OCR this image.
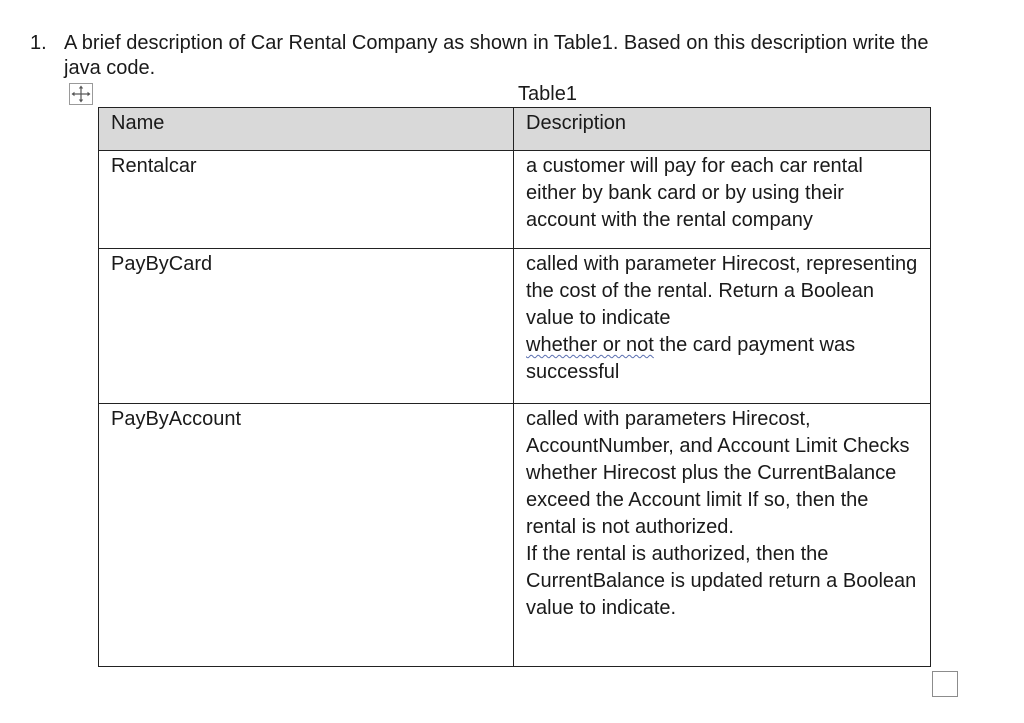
1. A brief description of Car Rental Company as shown in Table1. Based on this description write the java code.
Table1
Name	Description
Rentalcar	a customer will pay for each car rental either by bank card or by using their account with the rental company
PayByCard	called with parameter Hirecost, representing the cost of the rental. Return a Boolean value to indicate
whether or not the card payment was successful
PayByAccount	called with parameters Hirecost, AccountNumber, and Account Limit Checks whether Hirecost plus the CurrentBalance exceed the Account limit If so, then the rental is not authorized.
If the rental is authorized, then the CurrentBalance is updated return a Boolean value to indicate.
